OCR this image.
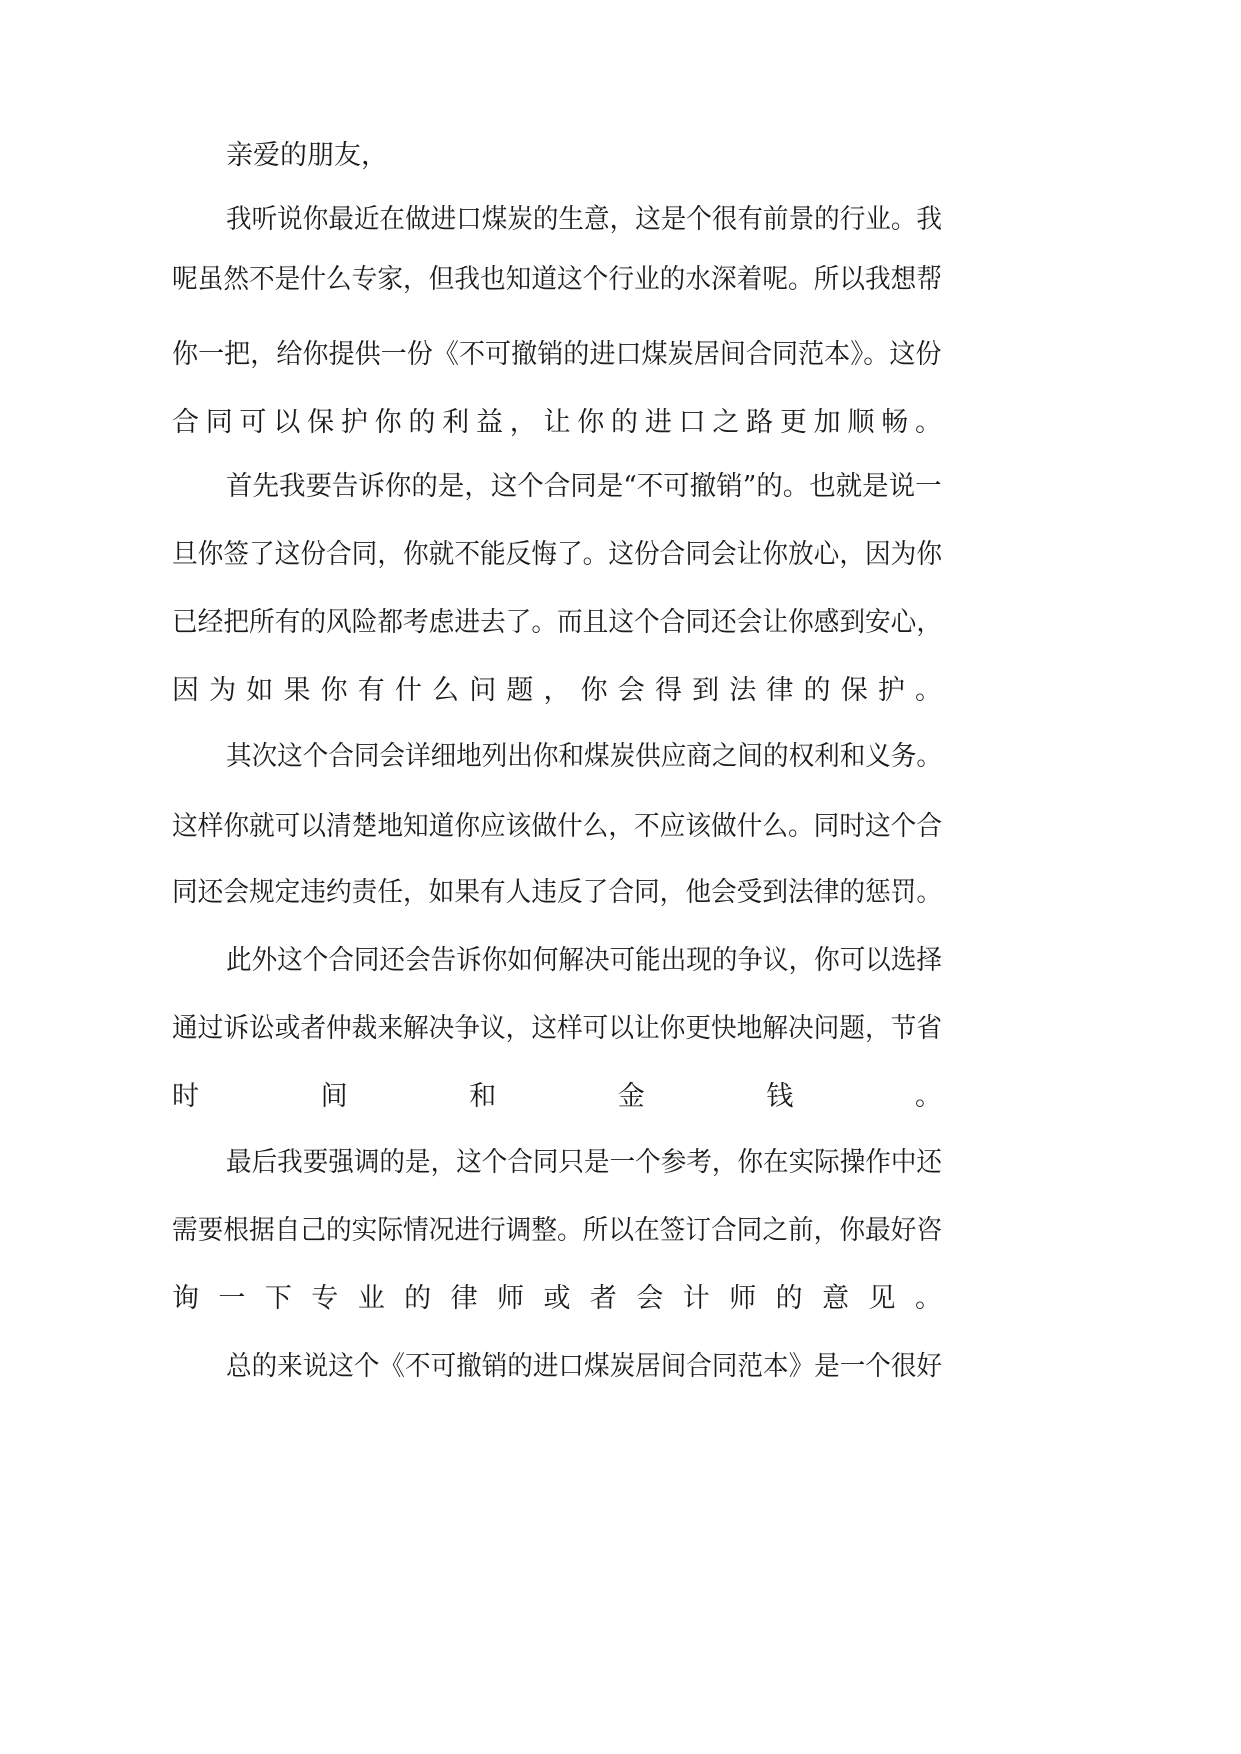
亲爱的朋友，
我听说你最近在做进口煤炭的生意，这是个很有前景的行业。我
呢虽然不是什么专家，但我也知道这个行业的水深着呢。所以我想帮
你一把，给你提供一份《不可撤销的进口煤炭居间合同范本》。这份
合同可以保护你的利益，让你的进口之路更加顺畅。
首先我要告诉你的是，这个合同是“不可撤销”的。也就是说一
旦你签了这份合同，你就不能反悔了。这份合同会让你放心，因为你
已经把所有的风险都考虑进去了。而且这个合同还会让你感到安心，
因为如果你有什么问题，你会得到法律的保护。
其次这个合同会详细地列出你和煤炭供应商之间的权利和义务。
这样你就可以清楚地知道你应该做什么，不应该做什么。同时这个合
同还会规定违约责任，如果有人违反了合同，他会受到法律的惩罚。
此外这个合同还会告诉你如何解决可能出现的争议，你可以选择
通过诉讼或者仲裁来解决争议，这样可以让你更快地解决问题，节省
时间和金钱。
最后我要强调的是，这个合同只是一个参考，你在实际操作中还
需要根据自己的实际情况进行调整。所以在签订合同之前，你最好咨
询一下专业的律师或者会计师的意见。
总的来说这个《不可撤销的进口煤炭居间合同范本》是一个很好
